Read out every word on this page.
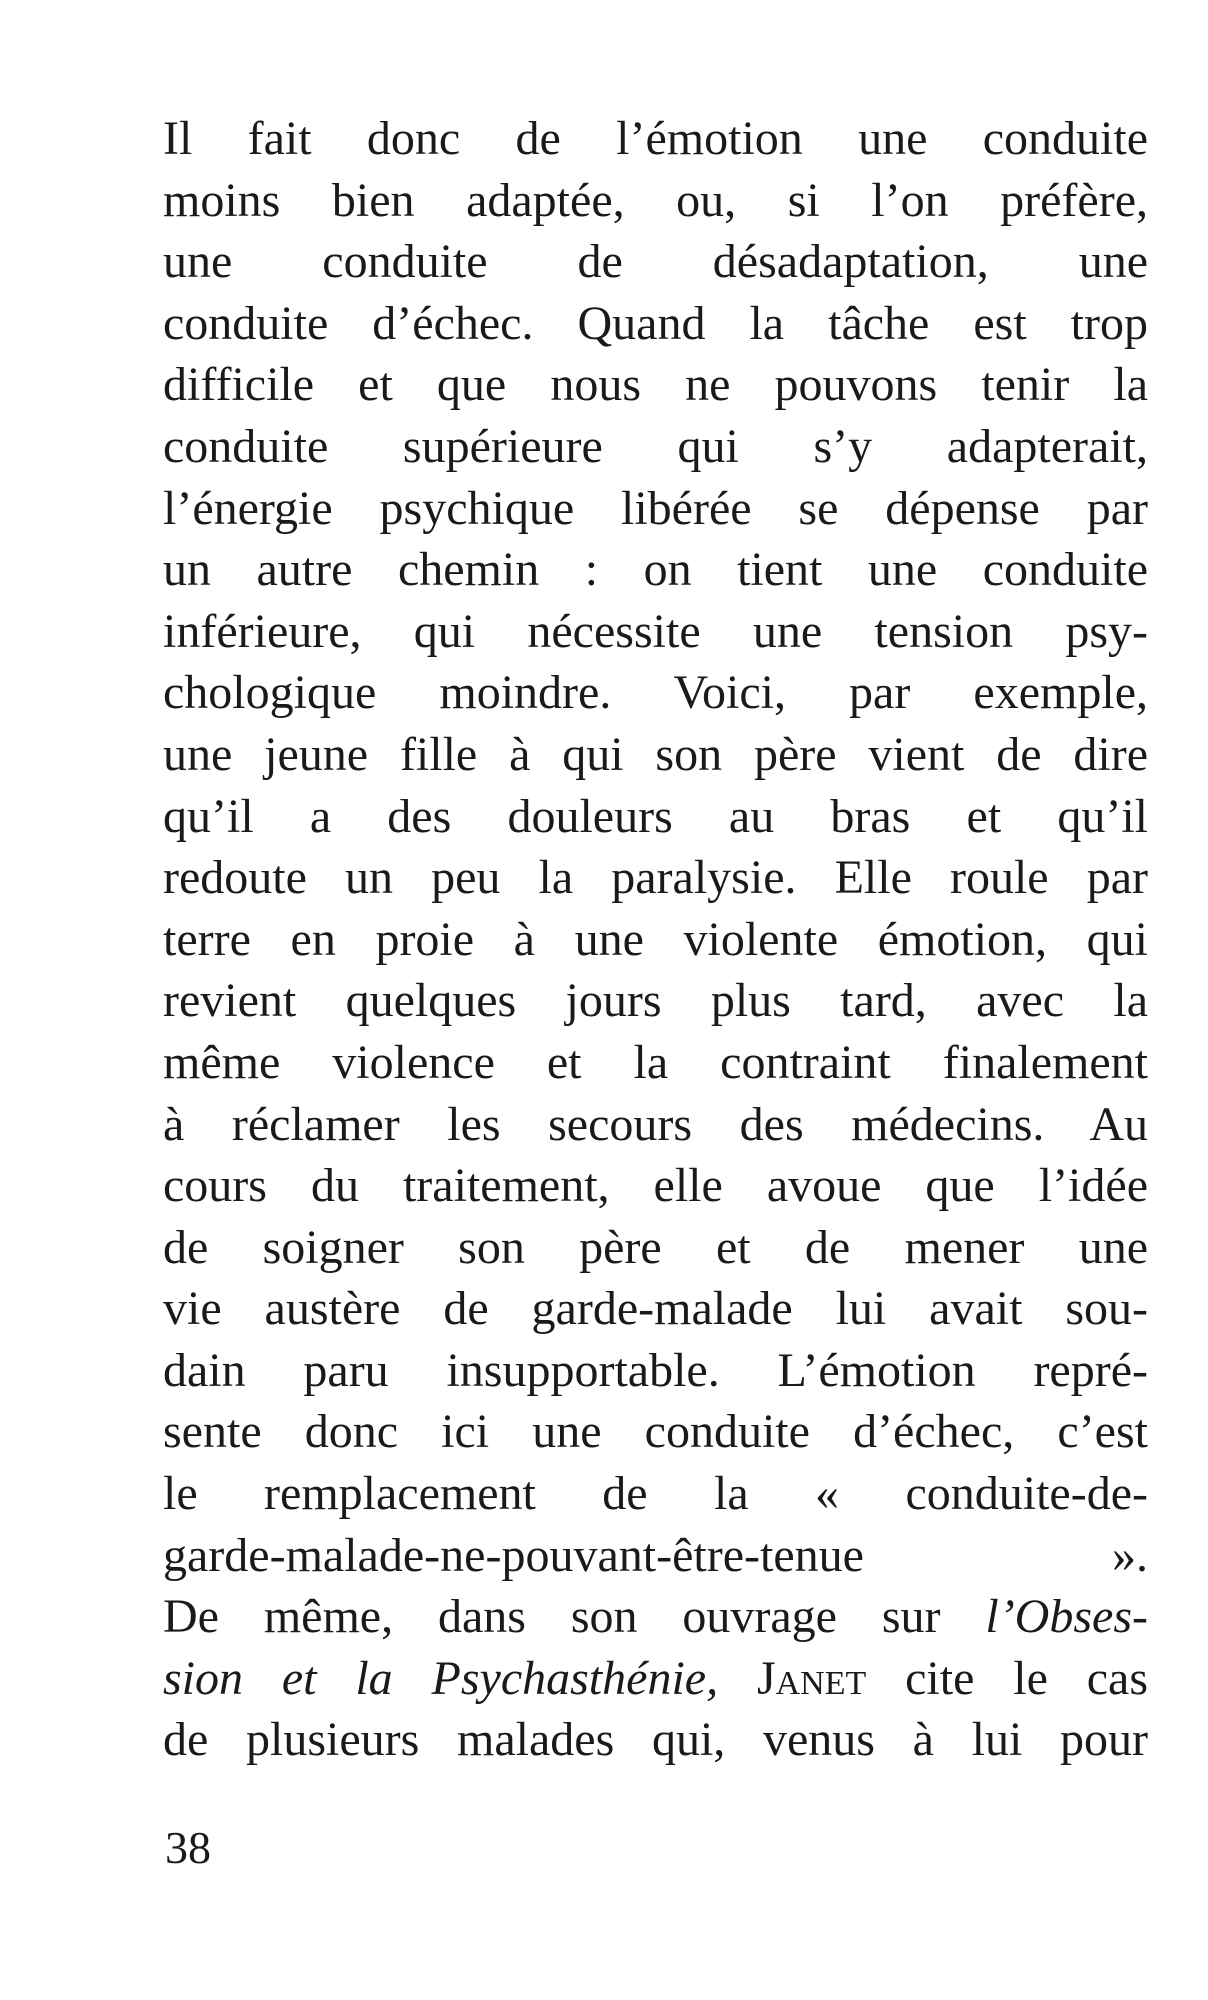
Il fait donc de l’émotion une conduite
moins bien adaptée, ou, si l’on préfère,
une conduite de désadaptation, une
conduite d’échec. Quand la tâche est trop
difficile et que nous ne pouvons tenir la
conduite supérieure qui s’y adapterait,
l’énergie psychique libérée se dépense par
un autre chemin : on tient une conduite
inférieure, qui nécessite une tension psy-
chologique moindre. Voici, par exemple,
une jeune fille à qui son père vient de dire
qu’il a des douleurs au bras et qu’il
redoute un peu la paralysie. Elle roule par
terre en proie à une violente émotion, qui
revient quelques jours plus tard, avec la
même violence et la contraint finalement
à réclamer les secours des médecins. Au
cours du traitement, elle avoue que l’idée
de soigner son père et de mener une
vie austère de garde-malade lui avait sou-
dain paru insupportable. L’émotion repré-
sente donc ici une conduite d’échec, c’est
le remplacement de la « conduite-de-
garde-malade-ne-pouvant-être-tenue ».
De même, dans son ouvrage sur l’Obses-
sion et la Psychasthénie, Janet cite le cas
de plusieurs malades qui, venus à lui pour
38
